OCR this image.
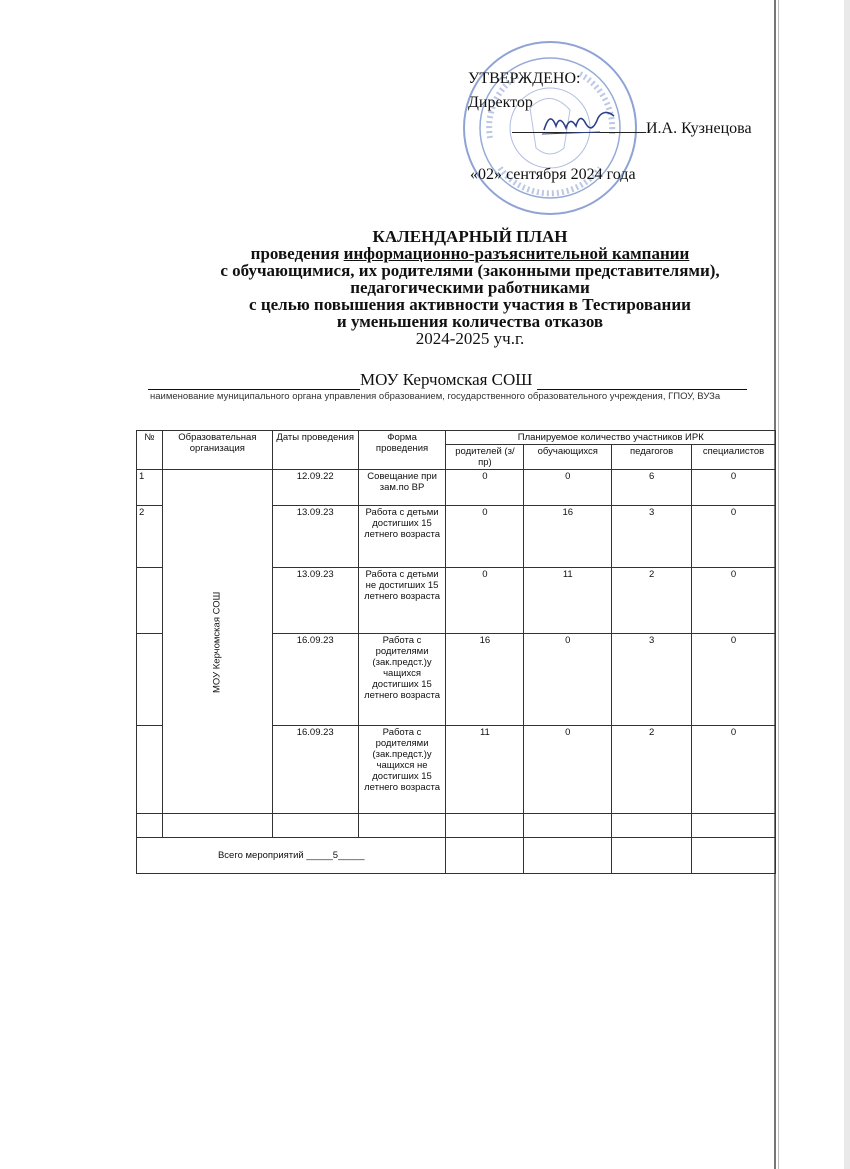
УТВЕРЖДЕНО:
Директор
И.А. Кузнецова
«02» сентября 2024 года
КАЛЕНДАРНЫЙ ПЛАН
проведения информационно-разъяснительной кампании
с обучающимися, их родителями (законными представителями),
педагогическими работниками
с целью повышения активности участия в Тестировании
и уменьшения количества отказов
2024-2025 уч.г.
МОУ Керчомская СОШ
наименование муниципального органа управления образованием, государственного образовательного учреждения, ГПОУ, ВУЗа
№	Образовательная организация	Даты проведения	Форма проведения	Планируемое количество участников ИРК			
				родителей (з/пр)	обучающихся	педагогов	специалистов
1	МОУ Керчомская СОШ	12.09.22	Совещание при зам.по ВР	0	0	6	0
2		13.09.23	Работа с детьми достигших 15 летнего возраста	0	16	3	0
		13.09.23	Работа с детьми не достигших 15 летнего возраста	0	11	2	0
		16.09.23	Работа с родителями (зак.предст.)у чащихся достигших 15 летнего возраста	16	0	3	0
		16.09.23	Работа с родителями (зак.предст.)у чащихся не достигших 15 летнего возраста	11	0	2	0

Всего мероприятий _____5_____							
